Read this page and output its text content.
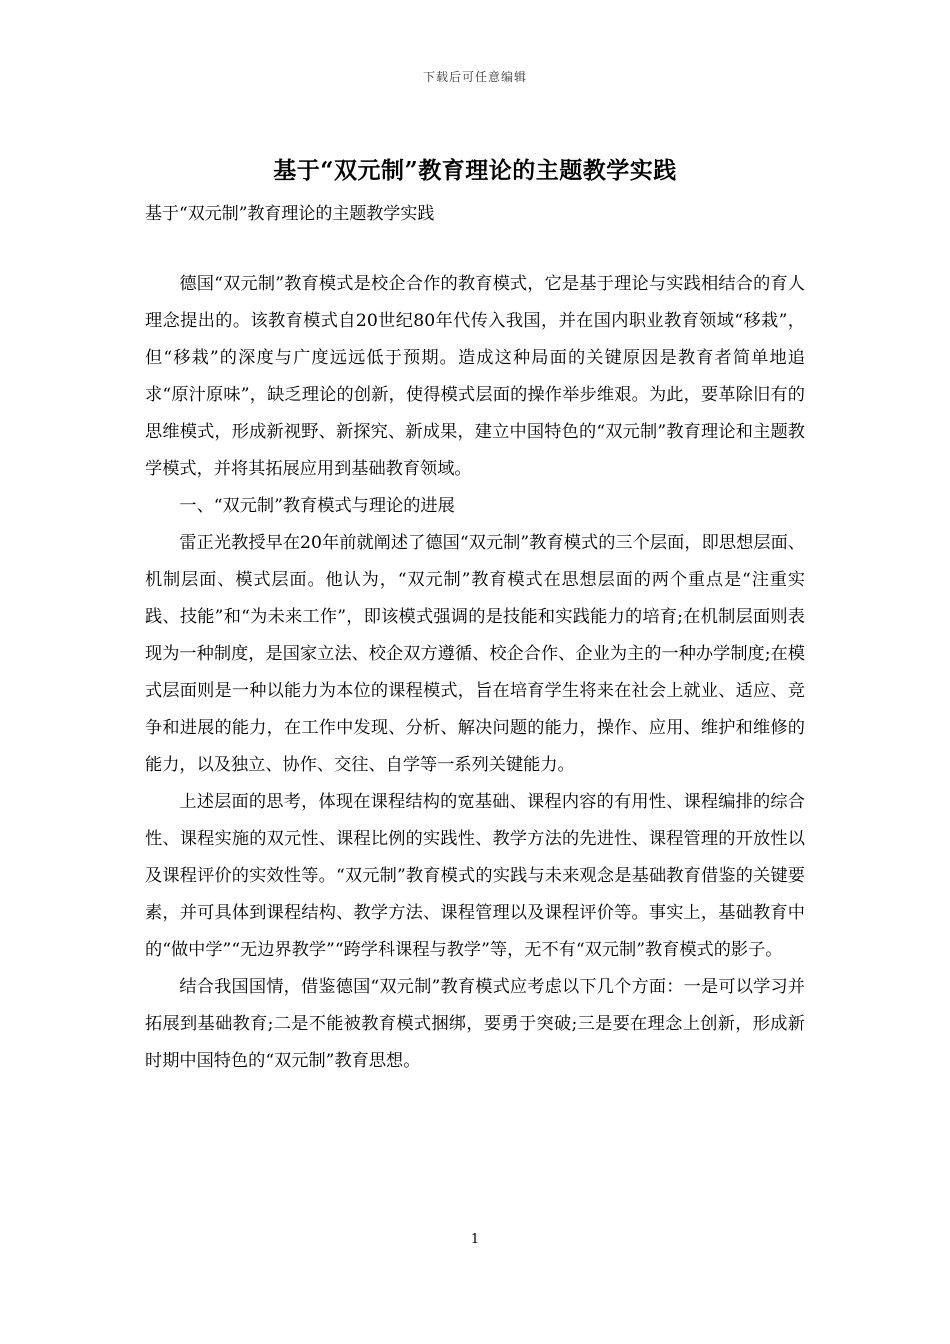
下载后可任意编辑
基于“双元制”教育理论的主题教学实践
基于“双元制”教育理论的主题教学实践

德国“双元制”教育模式是校企合作的教育模式，它是基于理论与实践相结合的育人理念提出的。该教育模式自20世纪80年代传入我国，并在国内职业教育领域“移栽”，但“移栽”的深度与广度远远低于预期。造成这种局面的关键原因是教育者简单地追求“原汁原味”，缺乏理论的创新，使得模式层面的操作举步维艰。为此，要革除旧有的思维模式，形成新视野、新探究、新成果，建立中国特色的“双元制”教育理论和主题教学模式，并将其拓展应用到基础教育领域。

一、“双元制”教育模式与理论的进展

雷正光教授早在20年前就阐述了德国“双元制”教育模式的三个层面，即思想层面、机制层面、模式层面。他认为，“双元制”教育模式在思想层面的两个重点是“注重实践、技能”和“为未来工作”，即该模式强调的是技能和实践能力的培育;在机制层面则表现为一种制度，是国家立法、校企双方遵循、校企合作、企业为主的一种办学制度;在模式层面则是一种以能力为本位的课程模式，旨在培育学生将来在社会上就业、适应、竞争和进展的能力，在工作中发现、分析、解决问题的能力，操作、应用、维护和维修的能力，以及独立、协作、交往、自学等一系列关键能力。

上述层面的思考，体现在课程结构的宽基础、课程内容的有用性、课程编排的综合性、课程实施的双元性、课程比例的实践性、教学方法的先进性、课程管理的开放性以及课程评价的实效性等。“双元制”教育模式的实践与未来观念是基础教育借鉴的关键要素，并可具体到课程结构、教学方法、课程管理以及课程评价等。事实上，基础教育中的“做中学”“无边界教学”“跨学科课程与教学”等，无不有“双元制”教育模式的影子。

结合我国国情，借鉴德国“双元制”教育模式应考虑以下几个方面：一是可以学习并拓展到基础教育;二是不能被教育模式捆绑，要勇于突破;三是要在理念上创新，形成新时期中国特色的“双元制”教育思想。

1
